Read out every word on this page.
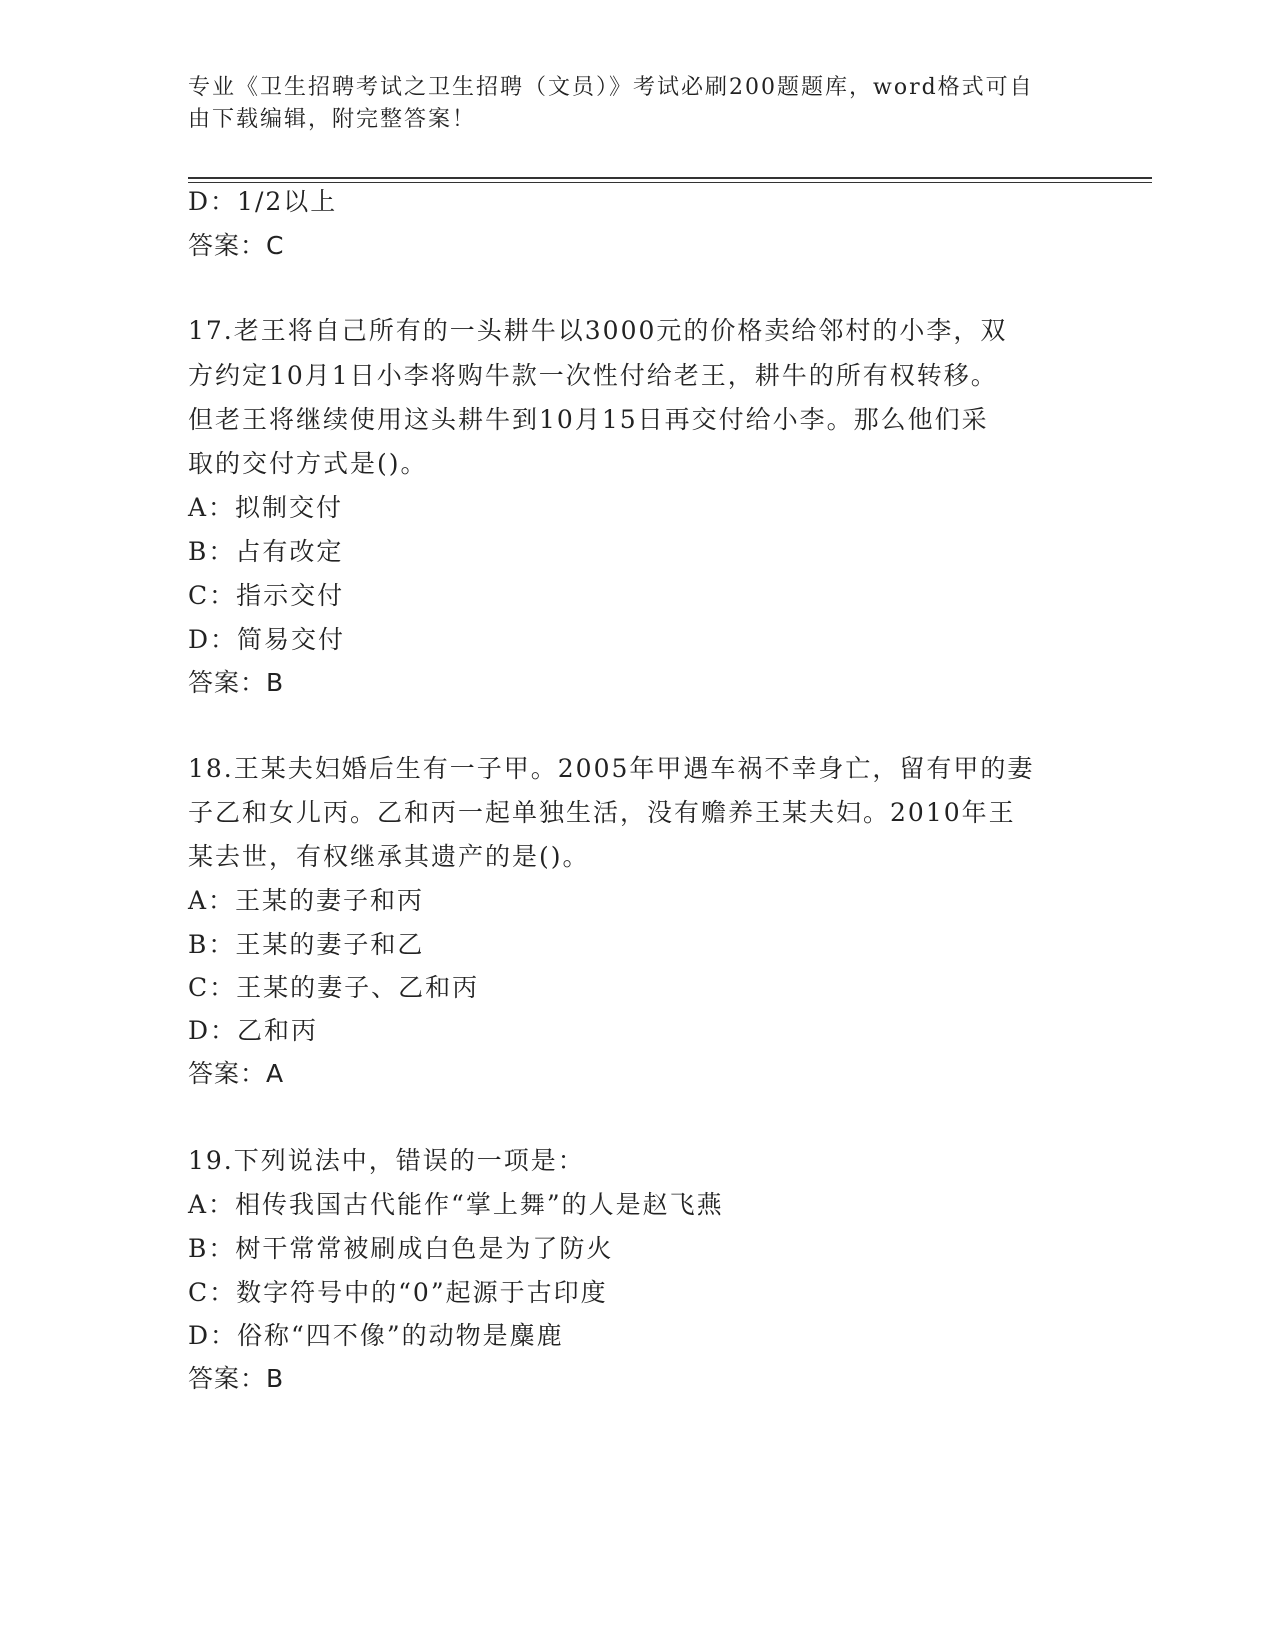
专业《卫生招聘考试之卫生招聘（文员）》考试必刷200题题库，word格式可自
由下载编辑，附完整答案！
D：1/2以上
答案：C
17.老王将自己所有的一头耕牛以3000元的价格卖给邻村的小李，双
方约定10月1日小李将购牛款一次性付给老王，耕牛的所有权转移。
但老王将继续使用这头耕牛到10月15日再交付给小李。那么他们采
取的交付方式是()。
A：拟制交付
B：占有改定
C：指示交付
D：简易交付
答案：B
18.王某夫妇婚后生有一子甲。2005年甲遇车祸不幸身亡，留有甲的妻
子乙和女儿丙。乙和丙一起单独生活，没有赡养王某夫妇。2010年王
某去世，有权继承其遗产的是()。
A：王某的妻子和丙
B：王某的妻子和乙
C：王某的妻子、乙和丙
D：乙和丙
答案：A
19.下列说法中，错误的一项是：
A：相传我国古代能作“掌上舞”的人是赵飞燕
B：树干常常被刷成白色是为了防火
C：数字符号中的“0”起源于古印度
D：俗称“四不像”的动物是麋鹿
答案：B
